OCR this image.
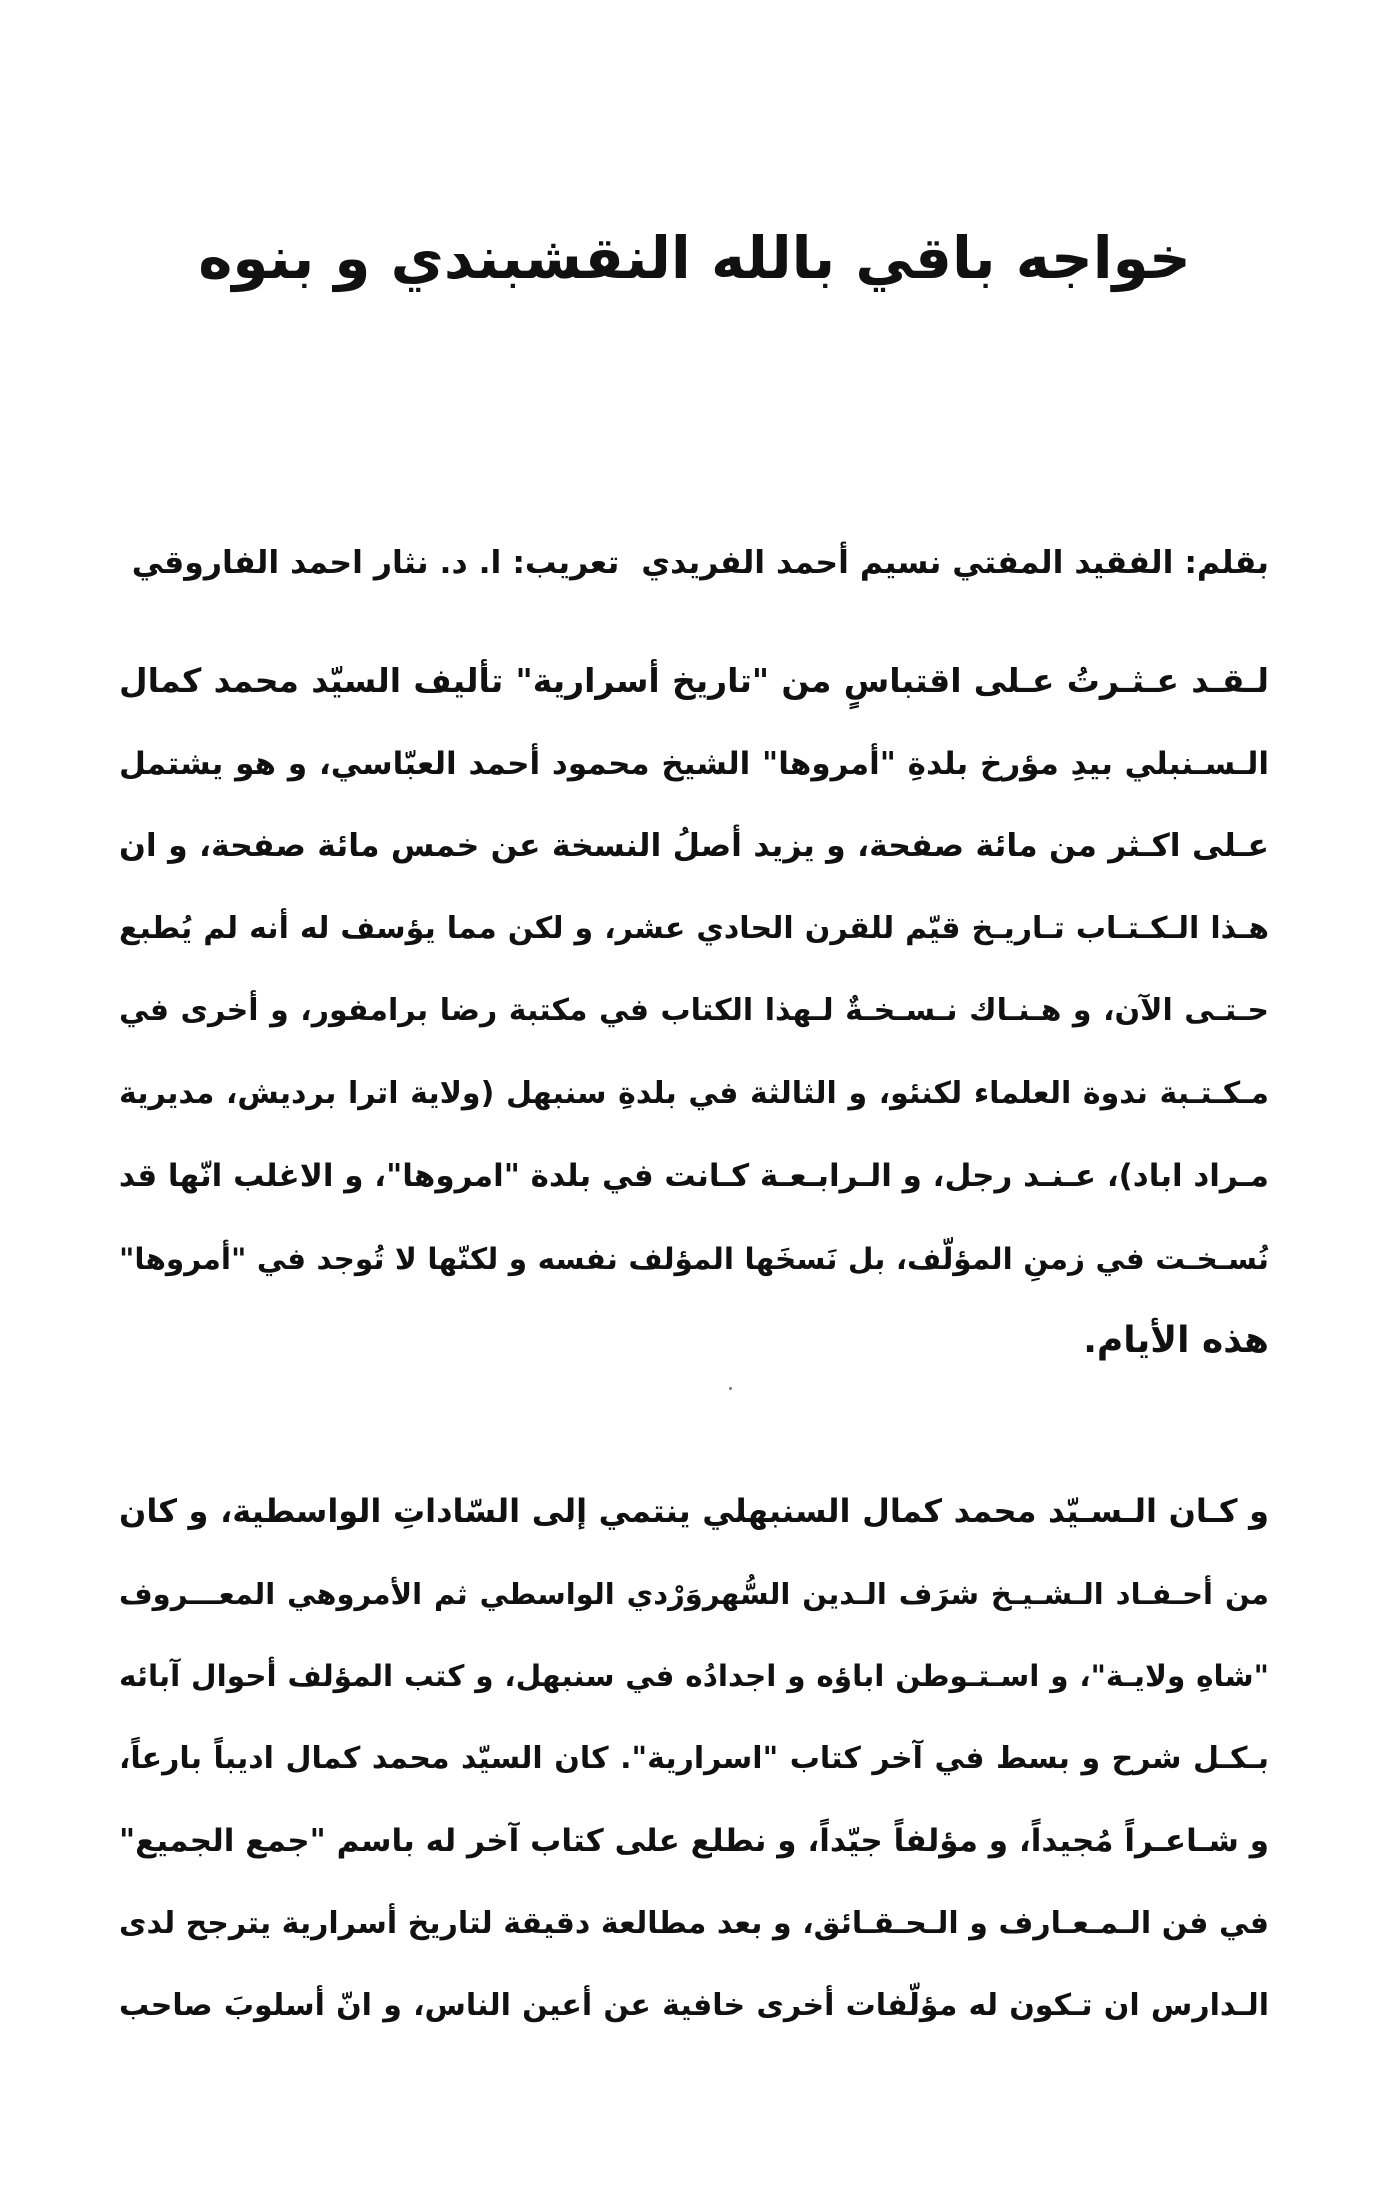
خواجه باقي بالله النقشبندي و بنوه

بقلم: الفقيد المفتي نسيم أحمد الفريديتعريب: ا. د. نثار احمد الفاروقي

لـقـد عـثـرتُ عـلى اقتباسٍ من "تاريخ أسرارية" تأليف السيّد محمد كمال
الـسـنبلي بيدِ مؤرخ بلدةِ "أمروها" الشيخ محمود أحمد العبّاسي، و هو يشتمل
عـلى اكـثر من مائة صفحة، و يزيد أصلُ النسخة عن خمس مائة صفحة، و ان
هـذا الـكـتـاب تـاريـخ قيّم للقرن الحادي عشر، و لكن مما يؤسف له أنه لم يُطبع
حـتـى الآن، و هـنـاك نـسـخـةٌ لـهذا الكتاب في مكتبة رضا برامفور، و أخرى في
مـكـتـبة ندوة العلماء لكنئو، و الثالثة في بلدةِ سنبهل (ولاية اترا برديش، مديرية
مـراد اباد)، عـنـد رجل، و الـرابـعـة كـانت في بلدة "امروها"، و الاغلب انّها قد
نُسـخـت في زمنِ المؤلّف، بل نَسخَها المؤلف نفسه و لكنّها لا تُوجد في "أمروها"
هذه الأيام.
و كـان الـسـيّد محمد كمال السنبهلي ينتمي إلى السّاداتِ الواسطية، و كان
من أحـفـاد الـشـيـخ شرَف الـدين السُّهروَرْدي الواسطي ثم الأمروهي المعـــروف
"شاهِ ولايـة"، و اسـتـوطن اباؤه و اجدادُه في سنبهل، و كتب المؤلف أحوال آبائه
بـكـل شرح و بسط في آخر كتاب "اسرارية". كان السيّد محمد كمال اديباً بارعاً،
و شـاعـراً مُجيداً، و مؤلفاً جيّداً، و نطلع على كتاب آخر له باسم "جمع الجميع"
في فن الـمـعـارف و الـحـقـائق، و بعد مطالعة دقيقة لتاريخ أسرارية يترجح لدى
الـدارس ان تـكون له مؤلّفات أخرى خافية عن أعين الناس، و انّ أسلوبَ صاحب
